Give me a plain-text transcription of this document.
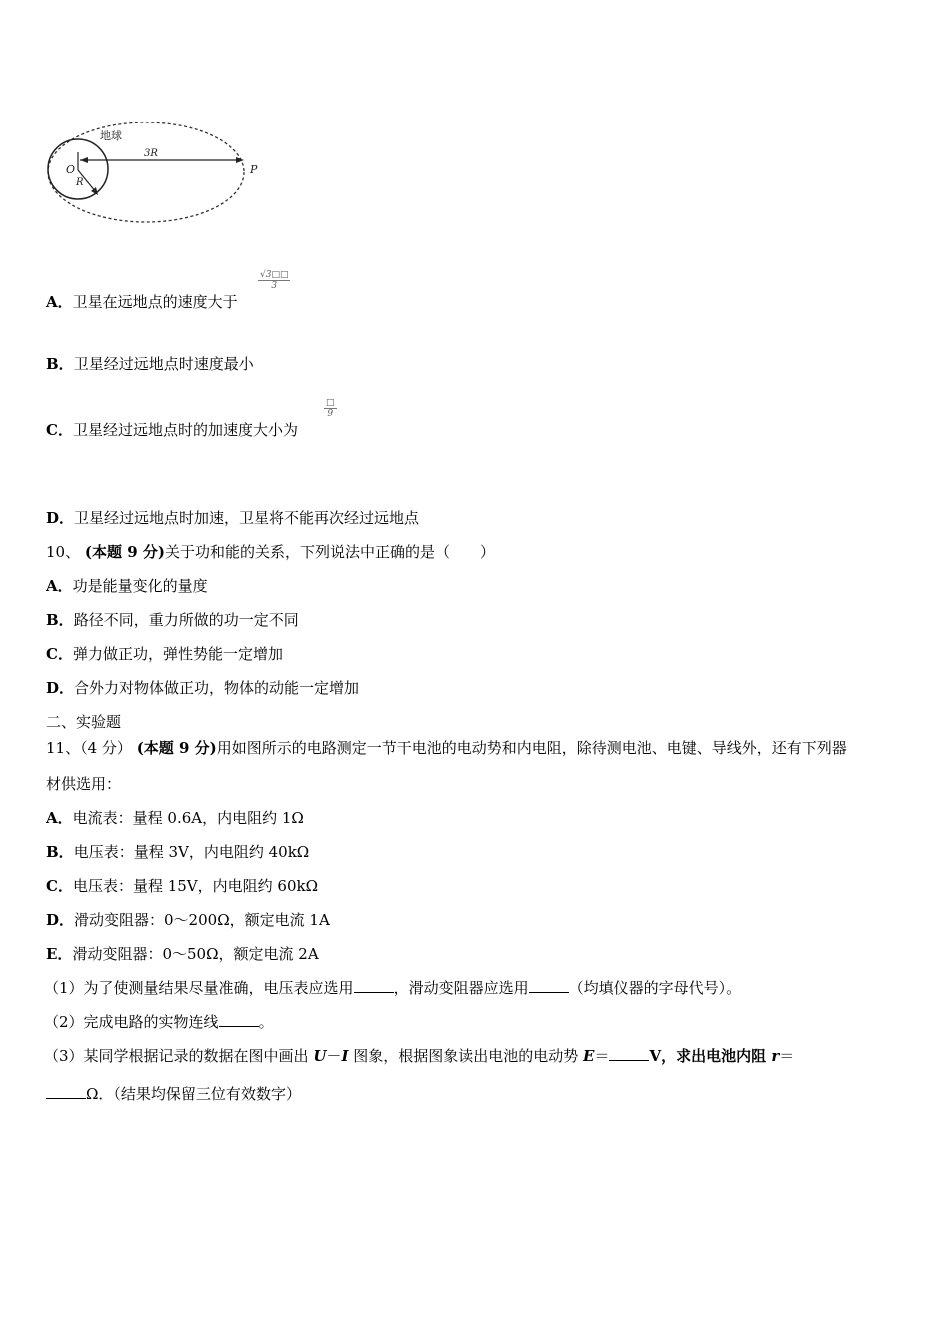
地球
3R
O
R
P
A．卫星在远地点的速度大于
$\frac{√3□□}{3}$
B．卫星经过远地点时速度最小
C．卫星经过远地点时的加速度大小为
□
9
D．卫星经过远地点时加速，卫星将不能再次经过远地点
10、 (本题 9 分)关于功和能的关系，下列说法中正确的是（　　）
A．功是能量变化的量度
B．路径不同，重力所做的功一定不同
C．弹力做正功，弹性势能一定增加
D．合外力对物体做正功，物体的动能一定增加
二、实验题
11、（4 分） (本题 9 分)用如图所示的电路测定一节干电池的电动势和内电阻，除待测电池、电键、导线外，还有下列器
材供选用：
A．电流表：量程 0.6A，内电阻约 1Ω
B．电压表：量程 3V，内电阻约 40kΩ
C．电压表：量程 15V，内电阻约 60kΩ
D．滑动变阻器：0～200Ω，额定电流 1A
E．滑动变阻器：0～50Ω，额定电流 2A
（1）为了使测量结果尽量准确，电压表应选用	，滑动变阻器应选用	（均填仪器的字母代号）。
（2）完成电路的实物连线	。
（3）某同学根据记录的数据在图中画出 U－I 图象，根据图象读出电池的电动势 E＝	V，求出电池内阻 r＝
Ω．（结果均保留三位有效数字）
